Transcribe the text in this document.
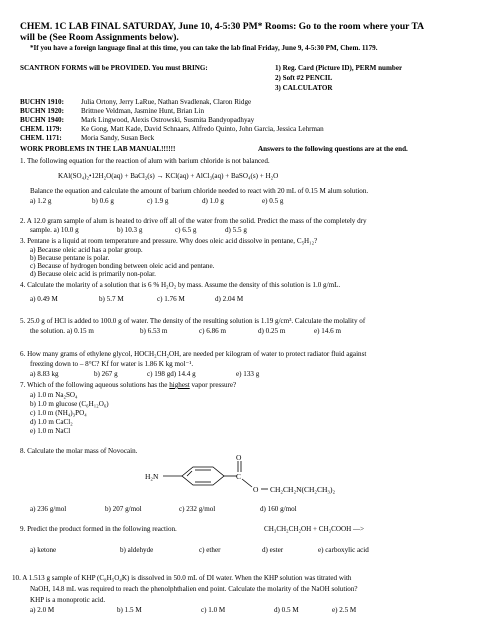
CHEM. 1C LAB FINAL SATURDAY, June 10, 4-5:30 PM* Rooms: Go to the room where your TA
will be (See Room Assignments below).
*If you have a foreign language final at this time, you can take the lab final Friday, June 9, 4-5:30 PM, Chem. 1179.
SCANTRON FORMS will be PROVIDED. You must BRING:	1) Reg. Card (Picture ID), PERM number
2) Soft #2 PENCIL
3) CALCULATOR
BUCHN 1910: Julia Ortony, Jerry LaRue, Nathan Svadlenak, Claron Ridge
BUCHN 1920: Brittnee Veldman, Jasmine Hunt, Brian Lin
BUCHN 1940: Mark Lingwood, Alexis Ostrowski, Susmita Bandyopadhyay
CHEM. 1179:	Ke Gong, Matt Kade, David Schnaars, Alfredo Quinto, John Garcia, Jessica Lehrman
CHEM. 1171:	Moria Sandy, Susan Beck
WORK PROBLEMS IN THE LAB MANUAL!!!!!!	Answers to the following questions are at the end.
1. The following equation for the reaction of alum with barium chloride is not balanced.
KAl(SO₄)₂•12H₂O(aq) + BaCl₂(s) → KCl(aq) + AlCl₃(aq) + BaSO₄(s) + H₂O
Balance the equation and calculate the amount of barium chloride needed to react with 20 mL of 0.15 M alum solution.
a) 1.2 g	b) 0.6 g	c) 1.9 g	d) 1.0 g	e) 0.5 g
2. A 12.0 gram sample of alum is heated to drive off all of the water from the solid. Predict the mass of the completely dry
sample. a) 10.0 g	b) 10.3 g	c) 6.5 g	d) 5.5 g
3. Pentane is a liquid at room temperature and pressure. Why does oleic acid dissolve in pentane, C₅H₁₂?
a) Because oleic acid has a polar group.
b) Because pentane is polar.
c) Because of hydrogen bonding between oleic acid and pentane.
d) Because oleic acid is primarily non-polar.
4. Calculate the molarity of a solution that is 6 % H₂O₂ by mass. Assume the density of this solution is 1.0 g/mL.
a) 0.49 M	b) 5.7 M	c) 1.76 M	d) 2.04 M
5. 25.0 g of HCl is added to 100.0 g of water. The density of the resulting solution is 1.19 g/cm³. Calculate the molality of
the solution. a) 0.15 m	b) 6.53 m	c) 6.86 m	d) 0.25 m	e) 14.6 m
6. How many grams of ethylene glycol, HOCH₂CH₂OH, are needed per kilogram of water to protect radiator fluid against
freezing down to – 8°C? Kf for water is 1.86 K kg mol⁻¹.
a) 8.83 kg	b) 267 g	c) 198 gd) 14.4 g	e) 133 g
7. Which of the following aqueous solutions has the highest vapor pressure?
a) 1.0 m Na₂SO₄
b) 1.0 m glucose (C₆H₁₂O₆)
c) 1.0 m (NH₄)₃PO₄
d) 1.0 m CaCl₂
e) 1.0 m NaCl
8. Calculate the molar mass of Novocain.
H₂N
O
C
O CH₂CH₂N(CH₂CH₃)₂
a) 236 g/mol	b) 207 g/mol	c) 232 g/mol	d) 160 g/mol
9. Predict the product formed in the following reaction.	CH₃CH₂CH₂OH + CH₃COOH —>
a) ketone	b) aldehyde	c) ether	d) ester	e) carboxylic acid
10. A 1.513 g sample of KHP (C₈H₅O₄K) is dissolved in 50.0 mL of DI water. When the KHP solution was titrated with
NaOH, 14.8 mL was required to reach the phenolphthalien end point. Calculate the molarity of the NaOH solution?
KHP is a monoprotic acid.
a) 2.0 M	b) 1.5 M	c) 1.0 M	d) 0.5 M	e) 2.5 M
